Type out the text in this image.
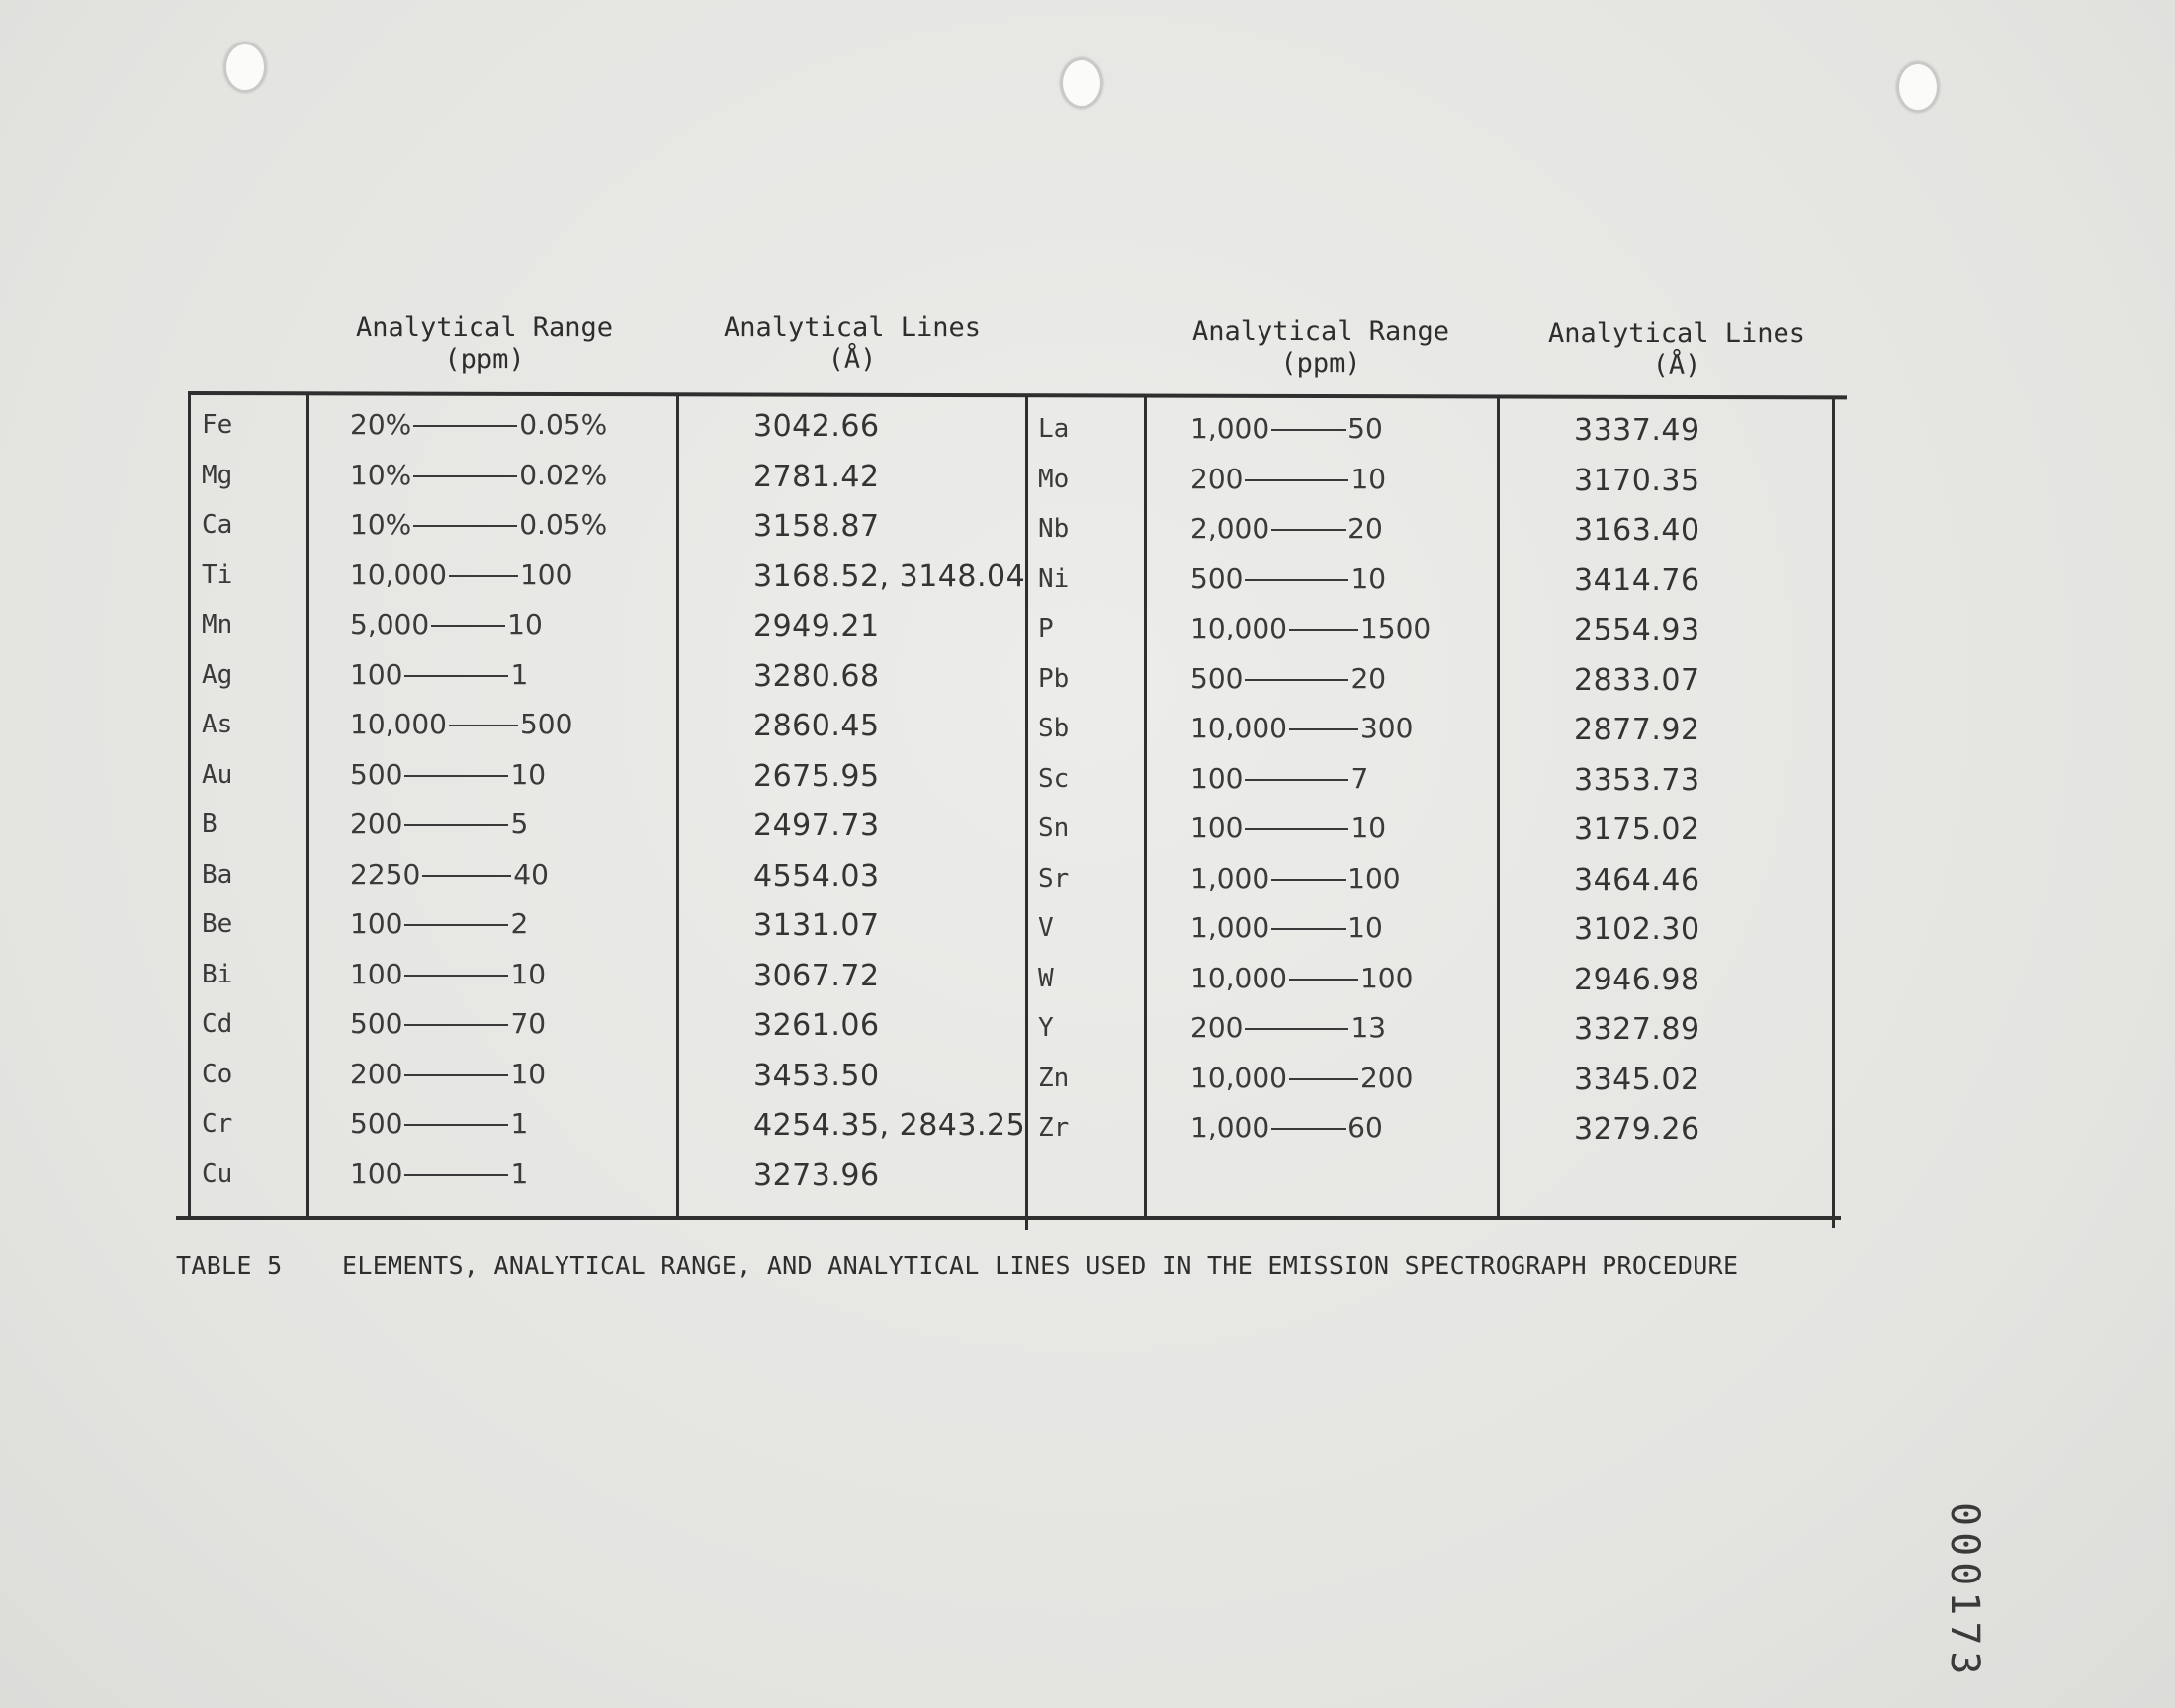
Analytical Range
(ppm)
Analytical Lines
(Å)
Analytical Range
(ppm)
Analytical Lines
(Å)
Fe	20%	0.05%	3042.66
Mg	10%	0.02%	2781.42
Ca	10%	0.05%	3158.87
Ti	10,000	100	3168.52, 3148.04
Mn	5,000	10	2949.21
Ag	100	1	3280.68
As	10,000	500	2860.45
Au	500	10	2675.95
B	200	5	2497.73
Ba	2250	40	4554.03
Be	100	2	3131.07
Bi	100	10	3067.72
Cd	500	70	3261.06
Co	200	10	3453.50
Cr	500	1	4254.35, 2843.25
Cu	100	1	3273.96
La	1,000	50	3337.49
Mo	200	10	3170.35
Nb	2,000	20	3163.40
Ni	500	10	3414.76
P	10,000	1500	2554.93
Pb	500	20	2833.07
Sb	10,000	300	2877.92
Sc	100	7	3353.73
Sn	100	10	3175.02
Sr	1,000	100	3464.46
V	1,000	10	3102.30
W	10,000	100	2946.98
Y	200	13	3327.89
Zn	10,000	200	3345.02
Zr	1,000	60	3279.26
TABLE 5 ELEMENTS, ANALYTICAL RANGE, AND ANALYTICAL LINES USED IN THE EMISSION SPECTROGRAPH PROCEDURE
000173
